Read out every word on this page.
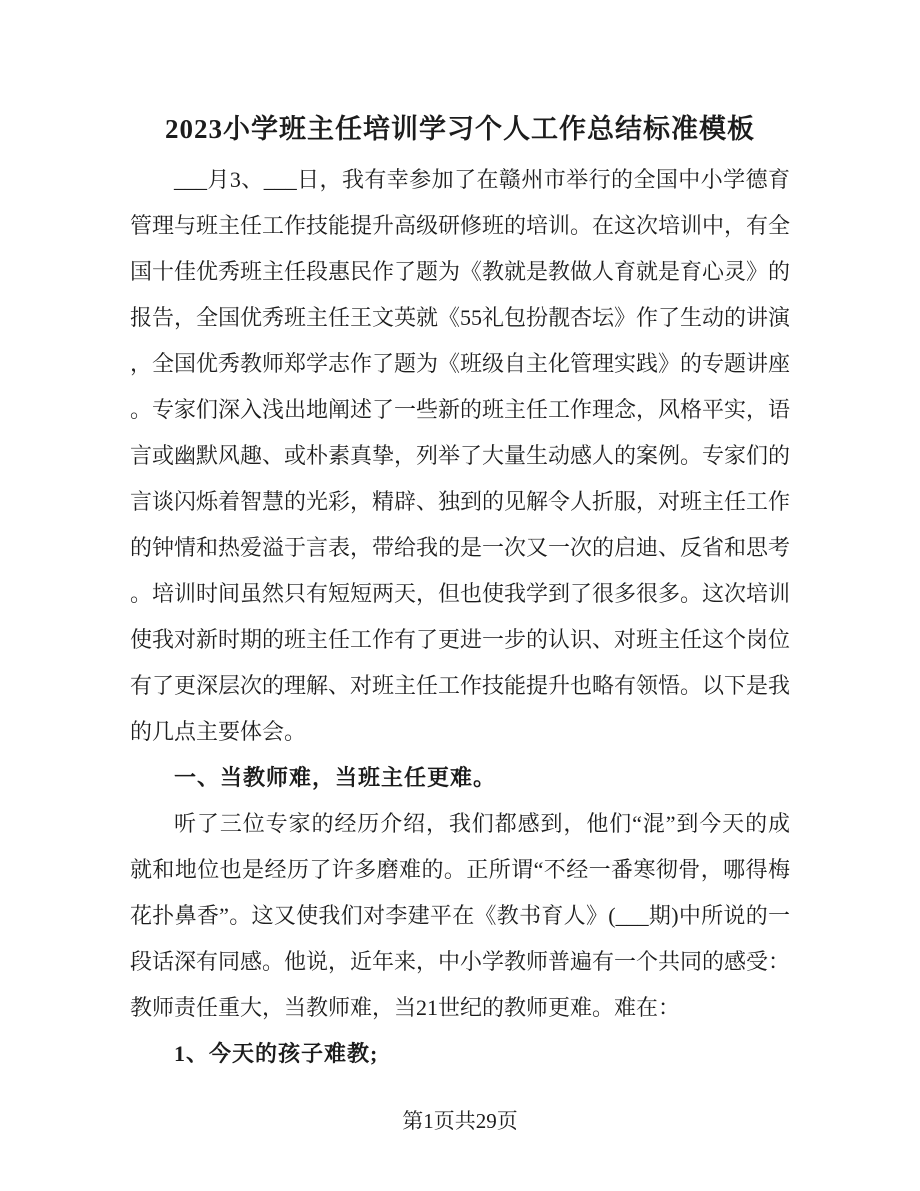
2023小学班主任培训学习个人工作总结标准模板
___月3、___日，我有幸参加了在赣州市举行的全国中小学德育
管理与班主任工作技能提升高级研修班的培训。在这次培训中，有全
国十佳优秀班主任段惠民作了题为《教就是教做人育就是育心灵》的
报告，全国优秀班主任王文英就《55礼包扮靓杏坛》作了生动的讲演
，全国优秀教师郑学志作了题为《班级自主化管理实践》的专题讲座
。专家们深入浅出地阐述了一些新的班主任工作理念，风格平实，语
言或幽默风趣、或朴素真挚，列举了大量生动感人的案例。专家们的
言谈闪烁着智慧的光彩，精辟、独到的见解令人折服，对班主任工作
的钟情和热爱溢于言表，带给我的是一次又一次的启迪、反省和思考
。培训时间虽然只有短短两天，但也使我学到了很多很多。这次培训
使我对新时期的班主任工作有了更进一步的认识、对班主任这个岗位
有了更深层次的理解、对班主任工作技能提升也略有领悟。以下是我
的几点主要体会。
一、当教师难，当班主任更难。
听了三位专家的经历介绍，我们都感到，他们“混”到今天的成
就和地位也是经历了许多磨难的。正所谓“不经一番寒彻骨，哪得梅
花扑鼻香”。这又使我们对李建平在《教书育人》(___期)中所说的一
段话深有同感。他说，近年来，中小学教师普遍有一个共同的感受：
教师责任重大，当教师难，当21世纪的教师更难。难在：
1、今天的孩子难教;
第1页共29页
